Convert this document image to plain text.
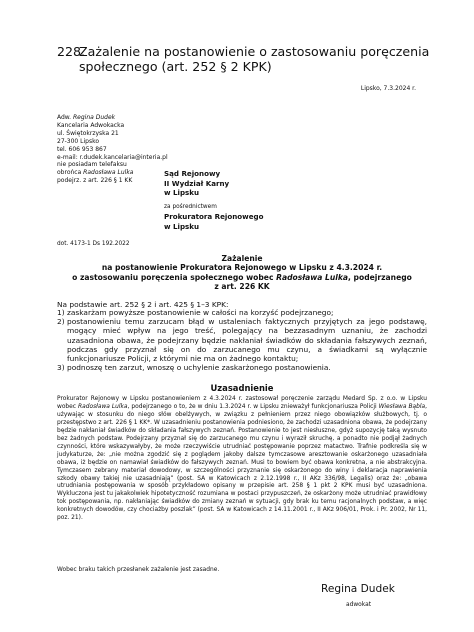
228.Zażalenie na postanowienie o zastosowaniu poręczenia
społecznego (art. 252 § 2 KPK)
Lipsko, 7.3.2024 r.
Adw. Regina Dudek
Kancelaria Adwokacka
ul. Świętokrzyska 21
27-300 Lipsko
tel. 606 953 867
e-mail: r.dudek.kancelaria@interia.pl
nie posiadam telefaksu
obrońca Radosława Lulka
podejrz. z art. 226 § 1 KK
Sąd Rejonowy
II Wydział Karny
w Lipsku
za pośrednictwem
Prokuratora Rejonowego
w Lipsku
dot. 4173-1 Ds 192.2022
Zażalenie
na postanowienie Prokuratora Rejonowego w Lipsku z 4.3.2024 r.
o zastosowaniu poręczenia społecznego wobec Radosława Lulka, podejrzanego
z art. 226 KK
Na podstawie art. 252 § 2 i art. 425 § 1–3 KPK:
1) zaskarżam powyższe postanowienie w całości na korzyść podejrzanego;
2) postanowieniu temu zarzucam błąd w ustaleniach faktycznych przyjętych za jego podstawę, mogący mieć wpływ na jego treść, polegający na bezzasadnym uznaniu, że zachodzi uzasadniona obawa, że podejrzany będzie nakłaniał świadków do składania fałszywych zeznań, podczas gdy przyznał się on do zarzucanego mu czynu, a świadkami są wyłącznie funkcjonariusze Policji, z którymi nie ma on żadnego kontaktu;
3) podnoszę ten zarzut, wnoszę o uchylenie zaskarżonego postanowienia.
Uzasadnienie
Prokurator Rejonowy w Lipsku postanowieniem z 4.3.2024 r. zastosował poręczenie zarządu Medard Sp. z o.o. w Lipsku wobec Radosława Lulka, podejrzanego o to, że w dniu 1.3.2024 r. w Lipsku znieważył funkcjonariusza Policji Wiesława Bąbla, używając w stosunku do niego słów obelżywych, w związku z pełnieniem przez niego obowiązków służbowych, tj. o przestępstwo z art. 226 § 1 KK*. W uzasadnieniu postanowienia podniesiono, że zachodzi uzasadniona obawa, że podejrzany będzie nakłaniał świadków do składania fałszywych zeznań. Postanowienie to jest niesłuszne, gdyż supozycję taką wysnuto bez żadnych podstaw. Podejrzany przyznał się do zarzucanego mu czynu i wyraził skruchę, a ponadto nie podjął żadnych czynności, które wskazywałyby, że może rzeczywiście utrudniać postępowanie poprzez matactwo. Trafnie podkreśla się w judykaturze, że: „nie można zgodzić się z poglądem jakoby dalsze tymczasowe aresztowanie oskarżonego uzasadniała obawa, iż będzie on namawiał świadków do fałszywych zeznań. Musi to bowiem być obawa konkretna, a nie abstrakcyjna. Tymczasem zebrany materiał dowodowy, w szczególności przyznanie się oskarżonego do winy i deklaracja naprawienia szkody obawy takiej nie uzasadniają” (post. SA w Katowicach z 2.12.1998 r., II AKz 336/98, Legalis) oraz że: „obawa utrudniania postępowania w sposób przykładowo opisany w przepisie art. 258 § 1 pkt 2 KPK musi być uzasadniona. Wykluczona jest tu jakakolwiek hipotetyczność rozumiana w postaci przypuszczeń, że oskarżony może utrudniać prawidłowy tok postępowania, np. nakłaniając świadków do zmiany zeznań w sytuacji, gdy brak ku temu racjonalnych podstaw, a więc konkretnych dowodów, czy chociażby poszlak” (post. SA w Katowicach z 14.11.2001 r., II AKz 906/01, Prok. i Pr. 2002, Nr 11, poz. 21).
Wobec braku takich przesłanek zażalenie jest zasadne.
Regina Dudek
adwokat
